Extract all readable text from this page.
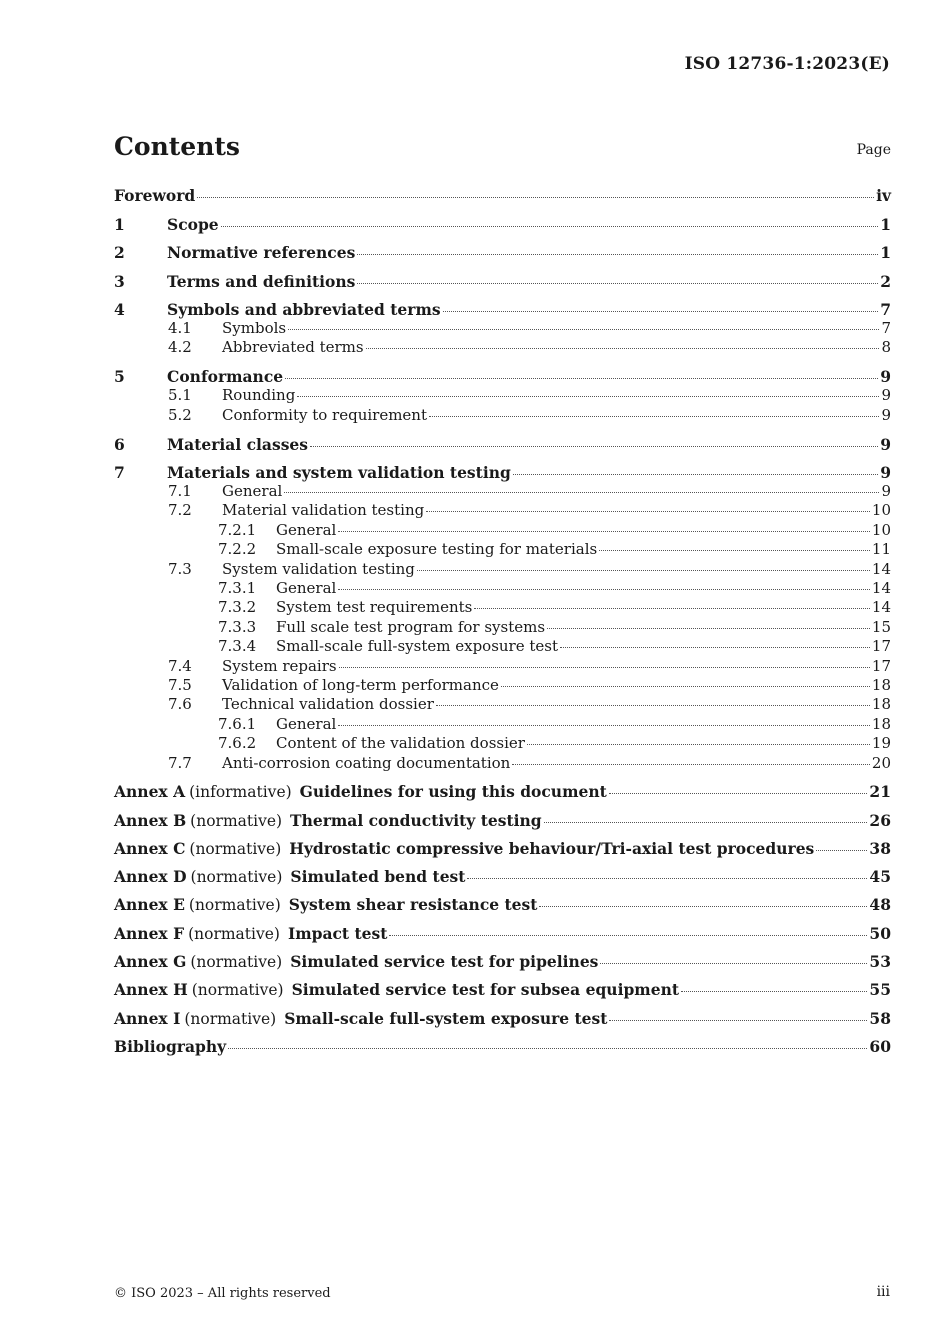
ISO 12736-1:2023(E)
Contents	Page
Foreword	iv
1	Scope	1
2	Normative references	1
3	Terms and definitions	2
4	Symbols and abbreviated terms	7
4.1	Symbols	7
4.2	Abbreviated terms	8
5	Conformance	9
5.1	Rounding	9
5.2	Conformity to requirement	9
6	Material classes	9
7	Materials and system validation testing	9
7.1	General	9
7.2	Material validation testing	10
7.2.1	General	10
7.2.2	Small-scale exposure testing for materials	11
7.3	System validation testing	14
7.3.1	General	14
7.3.2	System test requirements	14
7.3.3	Full scale test program for systems	15
7.3.4	Small-scale full-system exposure test	17
7.4	System repairs	17
7.5	Validation of long-term performance	18
7.6	Technical validation dossier	18
7.6.1	General	18
7.6.2	Content of the validation dossier	19
7.7	Anti-corrosion coating documentation	20
Annex A (informative) Guidelines for using this document	21
Annex B (normative) Thermal conductivity testing	26
Annex C (normative) Hydrostatic compressive behaviour/Tri-axial test procedures	38
Annex D (normative) Simulated bend test	45
Annex E (normative) System shear resistance test	48
Annex F (normative) Impact test	50
Annex G (normative) Simulated service test for pipelines	53
Annex H (normative) Simulated service test for subsea equipment	55
Annex I (normative) Small-scale full-system exposure test	58
Bibliography	60
© ISO 2023 – All rights reserved	iii
